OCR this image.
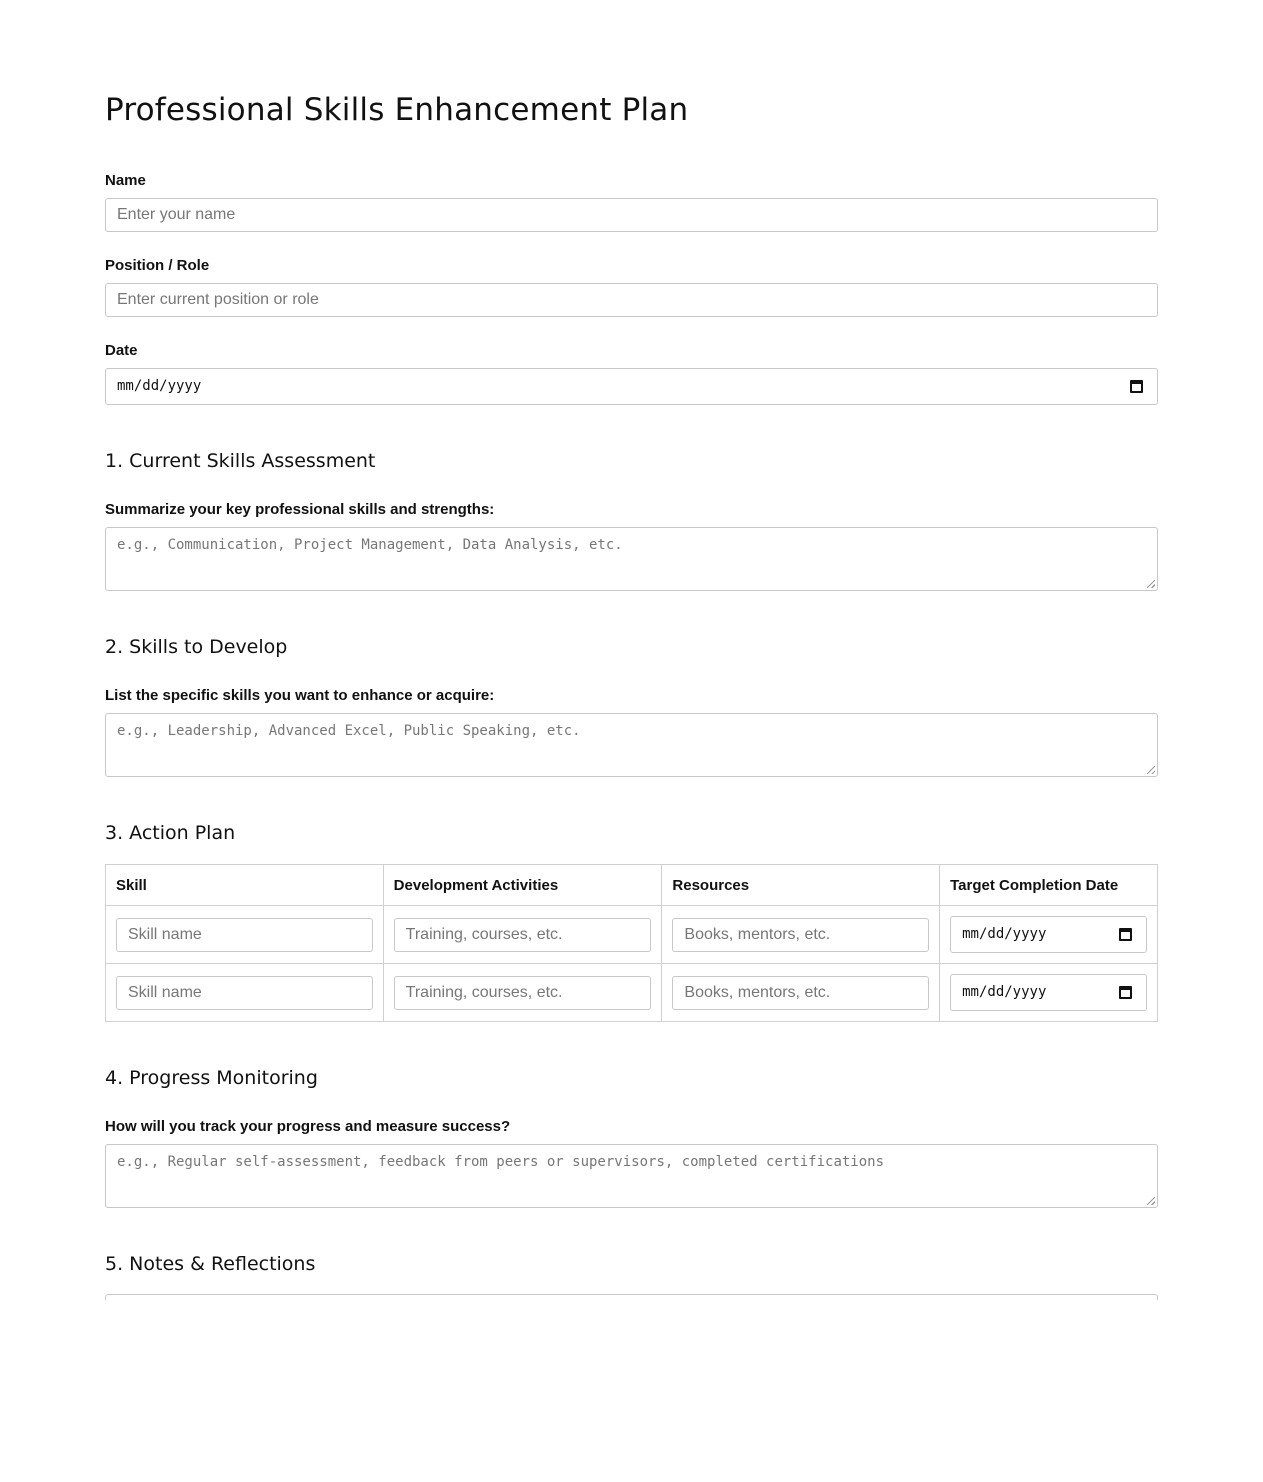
Professional Skills Enhancement Plan
Name
Enter your name
Position / Role
Enter current position or role
Date
mm/dd/yyyy
1. Current Skills Assessment
Summarize your key professional skills and strengths:
e.g., Communication, Project Management, Data Analysis, etc.
2. Skills to Develop
List the specific skills you want to enhance or acquire:
e.g., Leadership, Advanced Excel, Public Speaking, etc.
3. Action Plan
Skill	Development Activities	Resources	Target Completion Date

Skill name	Training, courses, etc.	Books, mentors, etc.	mm/dd/yyyy

Skill name	Training, courses, etc.	Books, mentors, etc.	mm/dd/yyyy
4. Progress Monitoring
How will you track your progress and measure success?
e.g., Regular self-assessment, feedback from peers or supervisors, completed certifications
5. Notes & Reflections
